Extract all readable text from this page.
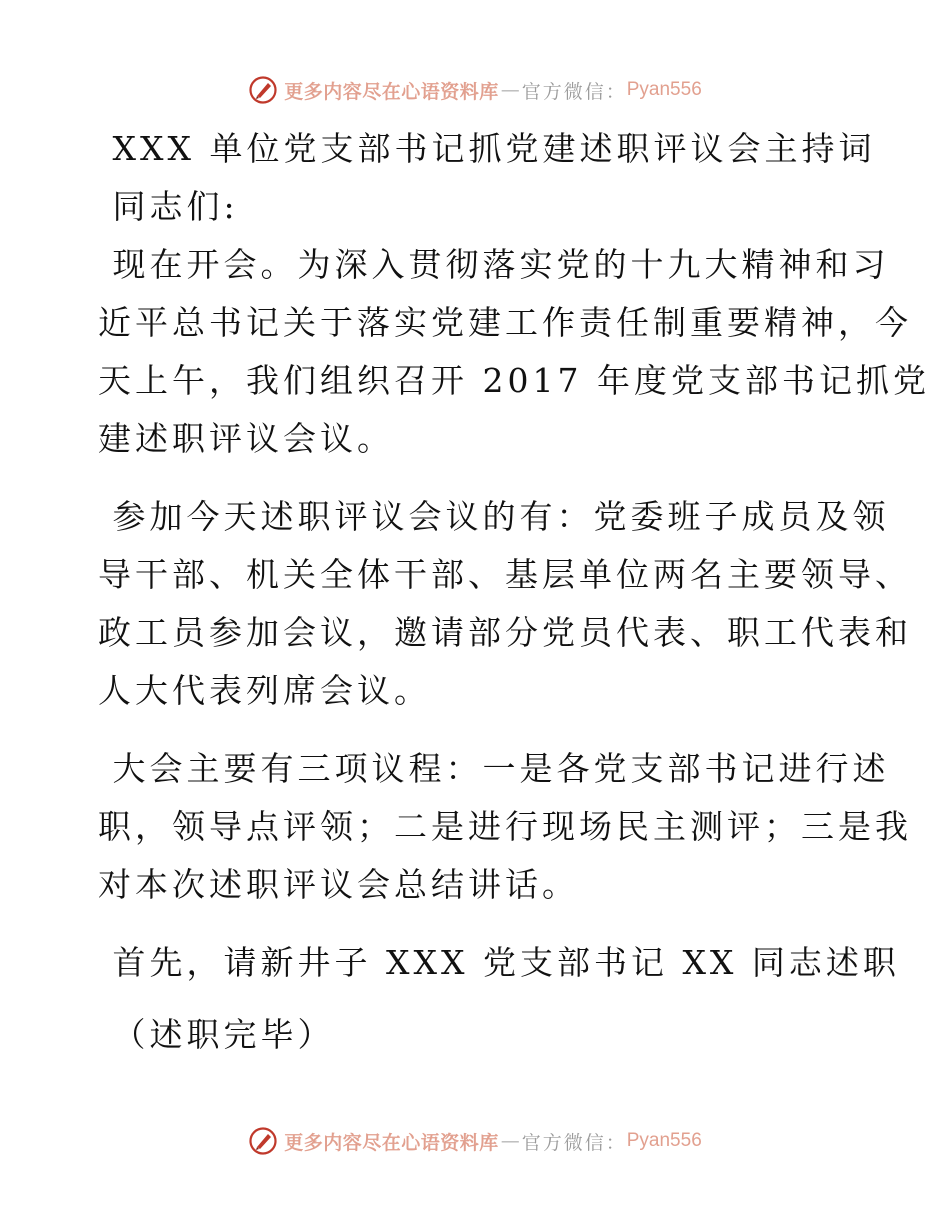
更多内容尽在心语资料库 — 官方微信： Pyan556
XXX 单位党支部书记抓党建述职评议会主持词
同志们:
现在开会。为深入贯彻落实党的十九大精神和习
近平总书记关于落实党建工作责任制重要精神，今
天上午，我们组织召开 2017 年度党支部书记抓党
建述职评议会议。
参加今天述职评议会议的有：党委班子成员及领
导干部、机关全体干部、基层单位两名主要领导、
政工员参加会议，邀请部分党员代表、职工代表和
人大代表列席会议。
大会主要有三项议程：一是各党支部书记进行述
职，领导点评领；二是进行现场民主测评；三是我
对本次述职评议会总结讲话。
首先，请新井子 XXX 党支部书记 XX 同志述职
（述职完毕）
更多内容尽在心语资料库 — 官方微信： Pyan556
